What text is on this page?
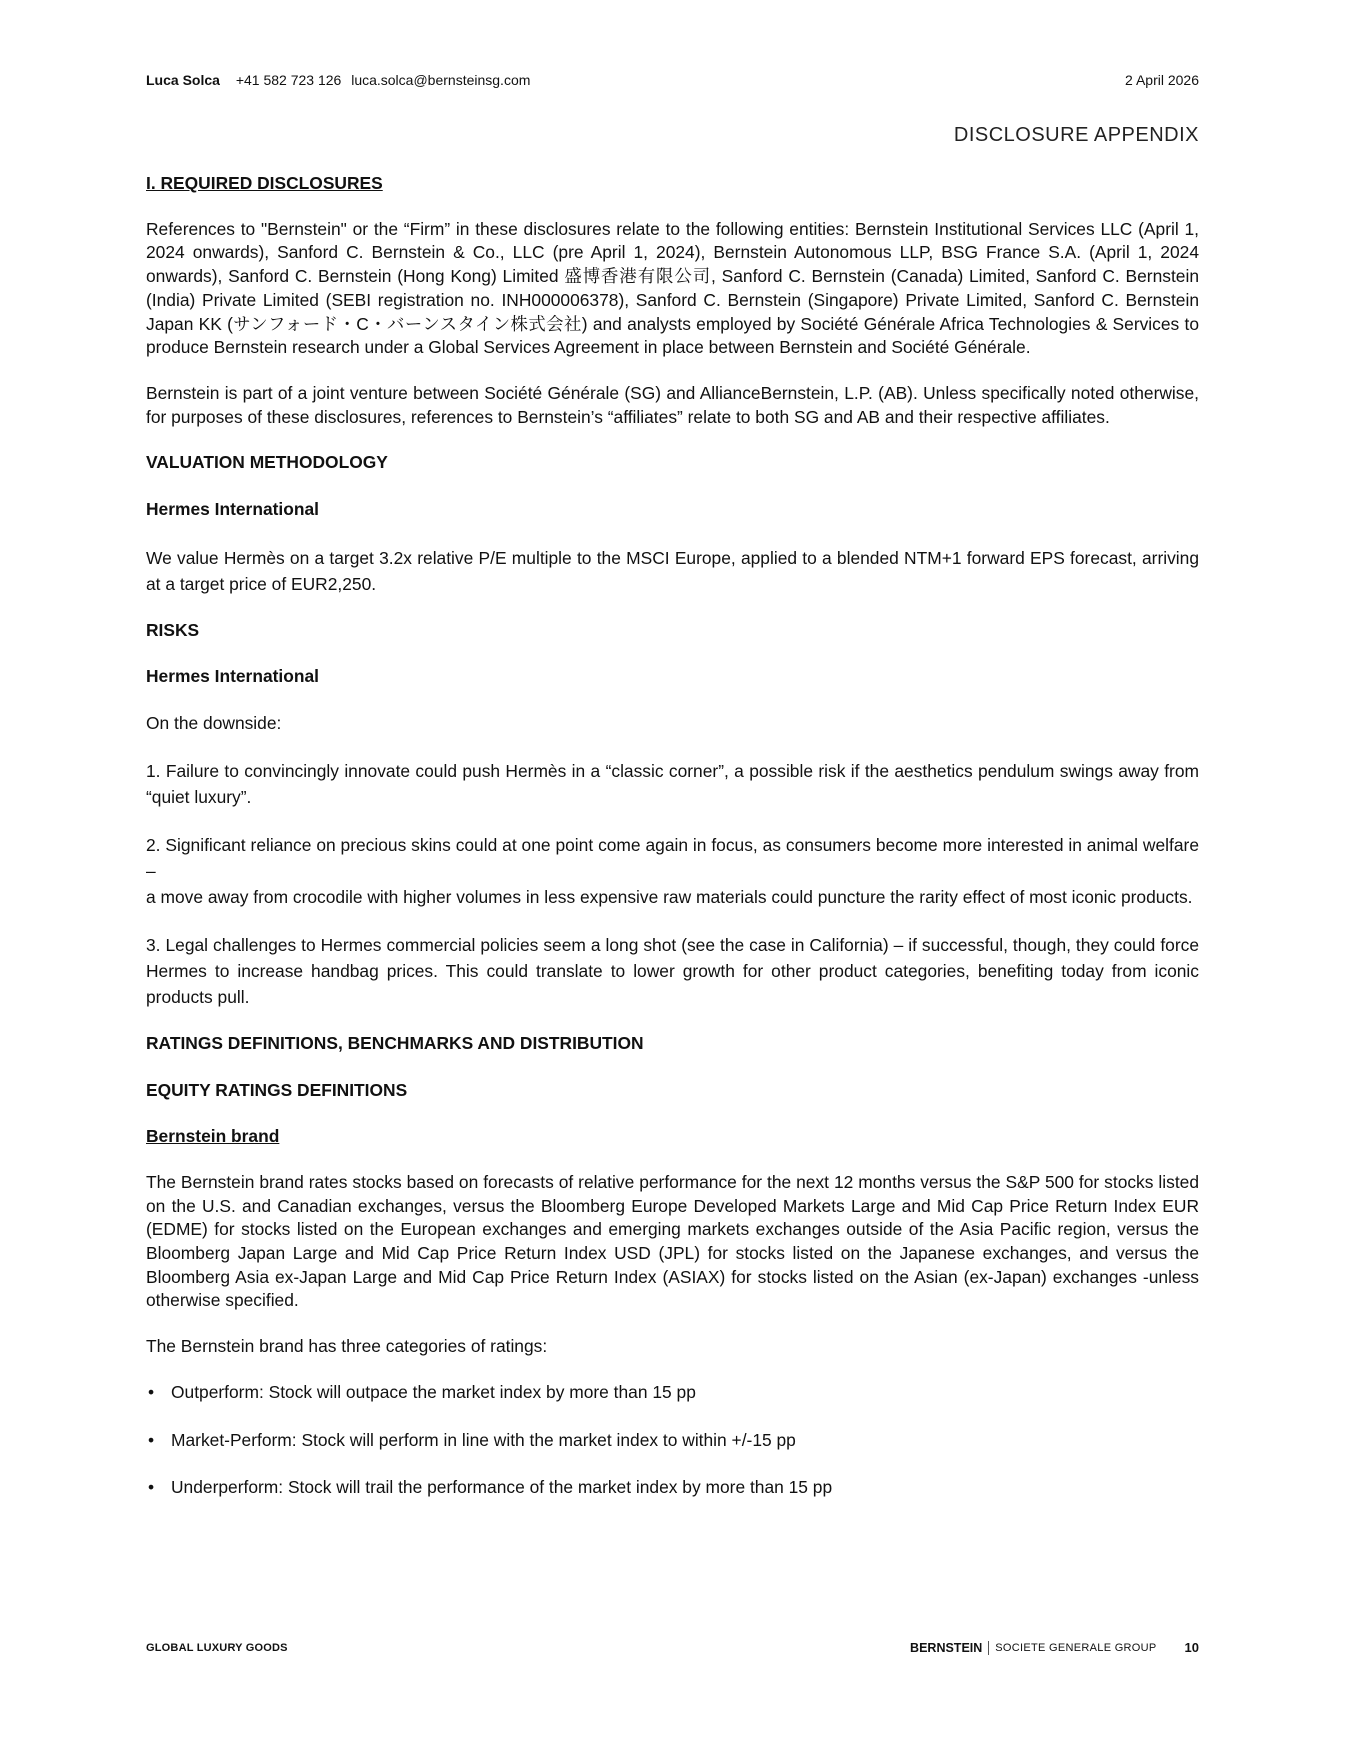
Luca Solca +41 582 723 126 luca.solca@bernsteinsg.com	2 April 2026
DISCLOSURE APPENDIX
I. REQUIRED DISCLOSURES

References to "Bernstein" or the “Firm” in these disclosures relate to the following entities: Bernstein Institutional Services LLC (April 1, 2024 onwards), Sanford C. Bernstein & Co., LLC (pre April 1, 2024), Bernstein Autonomous LLP, BSG France S.A. (April 1, 2024 onwards), Sanford C. Bernstein (Hong Kong) Limited 盛博香港有限公司, Sanford C. Bernstein (Canada) Limited, Sanford C. Bernstein (India) Private Limited (SEBI registration no. INH000006378), Sanford C. Bernstein (Singapore) Private Limited, Sanford C. Bernstein Japan KK (サンフォード・C・バーンスタイン株式会社) and analysts employed by Société Générale Africa Technologies & Services to produce Bernstein research under a Global Services Agreement in place between Bernstein and Société Générale.

Bernstein is part of a joint venture between Société Générale (SG) and AllianceBernstein, L.P. (AB). Unless specifically noted otherwise, for purposes of these disclosures, references to Bernstein’s “affiliates” relate to both SG and AB and their respective affiliates.

VALUATION METHODOLOGY
Hermes International

We value Hermès on a target 3.2x relative P/E multiple to the MSCI Europe, applied to a blended NTM+1 forward EPS forecast, arriving at a target price of EUR2,250.

RISKS
Hermes International

On the downside:

1. Failure to convincingly innovate could push Hermès in a “classic corner”, a possible risk if the aesthetics pendulum swings away from “quiet luxury”.

2. Significant reliance on precious skins could at one point come again in focus, as consumers become more interested in animal welfare –
a move away from crocodile with higher volumes in less expensive raw materials could puncture the rarity effect of most iconic products.

3. Legal challenges to Hermes commercial policies seem a long shot (see the case in California) – if successful, though, they could force Hermes to increase handbag prices. This could translate to lower growth for other product categories, benefiting today from iconic products pull.

RATINGS DEFINITIONS, BENCHMARKS AND DISTRIBUTION
EQUITY RATINGS DEFINITIONS
Bernstein brand

The Bernstein brand rates stocks based on forecasts of relative performance for the next 12 months versus the S&P 500 for stocks listed on the U.S. and Canadian exchanges, versus the Bloomberg Europe Developed Markets Large and Mid Cap Price Return Index EUR (EDME) for stocks listed on the European exchanges and emerging markets exchanges outside of the Asia Pacific region, versus the Bloomberg Japan Large and Mid Cap Price Return Index USD (JPL) for stocks listed on the Japanese exchanges, and versus the Bloomberg Asia ex-Japan Large and Mid Cap Price Return Index (ASIAX) for stocks listed on the Asian (ex-Japan) exchanges -unless otherwise specified.

The Bernstein brand has three categories of ratings:

• Outperform: Stock will outpace the market index by more than 15 pp
• Market-Perform: Stock will perform in line with the market index to within +/-15 pp
• Underperform: Stock will trail the performance of the market index by more than 15 pp
GLOBAL LUXURY GOODS	BERNSTEIN SOCIETE GENERALE GROUP 10
